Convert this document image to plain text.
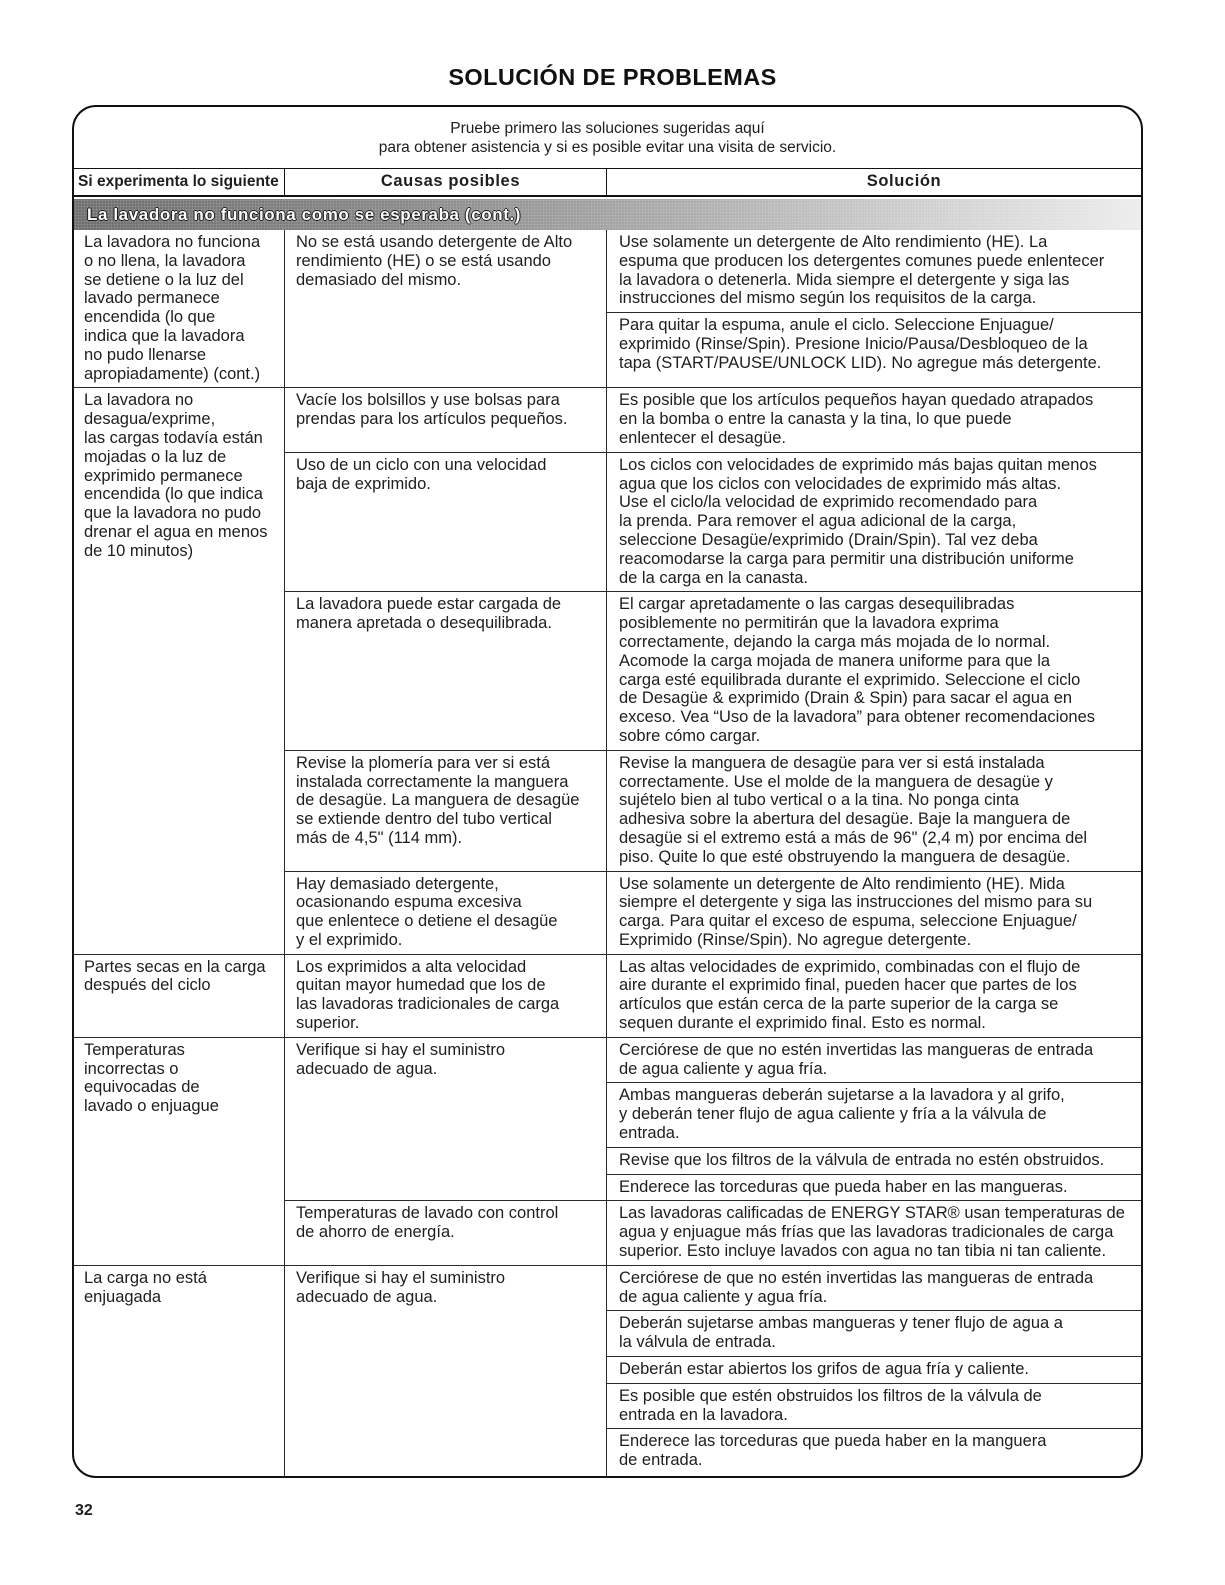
SOLUCIÓN DE PROBLEMAS
Pruebe primero las soluciones sugeridas aquí
para obtener asistencia y si es posible evitar una visita de servicio.
Si experimenta lo siguiente	Causas posibles	Solución
La lavadora no funciona como se esperaba (cont.)
La lavadora no funciona
o no llena, la lavadora
se detiene o la luz del
lavado permanece
encendida (lo que
indica que la lavadora
no pudo llenarse
apropiadamente) (cont.)
No se está usando detergente de Alto
rendimiento (HE) o se está usando
demasiado del mismo.
Use solamente un detergente de Alto rendimiento (HE). La
espuma que producen los detergentes comunes puede enlentecer
la lavadora o detenerla. Mida siempre el detergente y siga las
instrucciones del mismo según los requisitos de la carga.
Para quitar la espuma, anule el ciclo. Seleccione Enjuague/
exprimido (Rinse/Spin). Presione Inicio/Pausa/Desbloqueo de la
tapa (START/PAUSE/UNLOCK LID). No agregue más detergente.
La lavadora no
desagua/exprime,
las cargas todavía están
mojadas o la luz de
exprimido permanece
encendida (lo que indica
que la lavadora no pudo
drenar el agua en menos
de 10 minutos)
Vacíe los bolsillos y use bolsas para
prendas para los artículos pequeños.
Es posible que los artículos pequeños hayan quedado atrapados
en la bomba o entre la canasta y la tina, lo que puede
enlentecer el desagüe.
Uso de un ciclo con una velocidad
baja de exprimido.
Los ciclos con velocidades de exprimido más bajas quitan menos
agua que los ciclos con velocidades de exprimido más altas.
Use el ciclo/la velocidad de exprimido recomendado para
la prenda. Para remover el agua adicional de la carga,
seleccione Desagüe/exprimido (Drain/Spin). Tal vez deba
reacomodarse la carga para permitir una distribución uniforme
de la carga en la canasta.
La lavadora puede estar cargada de
manera apretada o desequilibrada.
El cargar apretadamente o las cargas desequilibradas
posiblemente no permitirán que la lavadora exprima
correctamente, dejando la carga más mojada de lo normal.
Acomode la carga mojada de manera uniforme para que la
carga esté equilibrada durante el exprimido. Seleccione el ciclo
de Desagüe & exprimido (Drain & Spin) para sacar el agua en
exceso. Vea “Uso de la lavadora” para obtener recomendaciones
sobre cómo cargar.
Revise la plomería para ver si está
instalada correctamente la manguera
de desagüe. La manguera de desagüe
se extiende dentro del tubo vertical
más de 4,5" (114 mm).
Revise la manguera de desagüe para ver si está instalada
correctamente. Use el molde de la manguera de desagüe y
sujételo bien al tubo vertical o a la tina. No ponga cinta
adhesiva sobre la abertura del desagüe. Baje la manguera de
desagüe si el extremo está a más de 96" (2,4 m) por encima del
piso. Quite lo que esté obstruyendo la manguera de desagüe.
Hay demasiado detergente,
ocasionando espuma excesiva
que enlentece o detiene el desagüe
y el exprimido.
Use solamente un detergente de Alto rendimiento (HE). Mida
siempre el detergente y siga las instrucciones del mismo para su
carga. Para quitar el exceso de espuma, seleccione Enjuague/
Exprimido (Rinse/Spin). No agregue detergente.
Partes secas en la carga
después del ciclo
Los exprimidos a alta velocidad
quitan mayor humedad que los de
las lavadoras tradicionales de carga
superior.
Las altas velocidades de exprimido, combinadas con el flujo de
aire durante el exprimido final, pueden hacer que partes de los
artículos que están cerca de la parte superior de la carga se
sequen durante el exprimido final. Esto es normal.
Temperaturas
incorrectas o
equivocadas de
lavado o enjuague
Verifique si hay el suministro
adecuado de agua.
Cerciórese de que no estén invertidas las mangueras de entrada
de agua caliente y agua fría.
Ambas mangueras deberán sujetarse a la lavadora y al grifo,
y deberán tener flujo de agua caliente y fría a la válvula de
entrada.
Revise que los filtros de la válvula de entrada no estén obstruidos.
Enderece las torceduras que pueda haber en las mangueras.
Temperaturas de lavado con control
de ahorro de energía.
Las lavadoras calificadas de ENERGY STAR® usan temperaturas de
agua y enjuague más frías que las lavadoras tradicionales de carga
superior. Esto incluye lavados con agua no tan tibia ni tan caliente.
La carga no está
enjuagada
Verifique si hay el suministro
adecuado de agua.
Cerciórese de que no estén invertidas las mangueras de entrada
de agua caliente y agua fría.
Deberán sujetarse ambas mangueras y tener flujo de agua a
la válvula de entrada.
Deberán estar abiertos los grifos de agua fría y caliente.
Es posible que estén obstruidos los filtros de la válvula de
entrada en la lavadora.
Enderece las torceduras que pueda haber en la manguera
de entrada.
32
